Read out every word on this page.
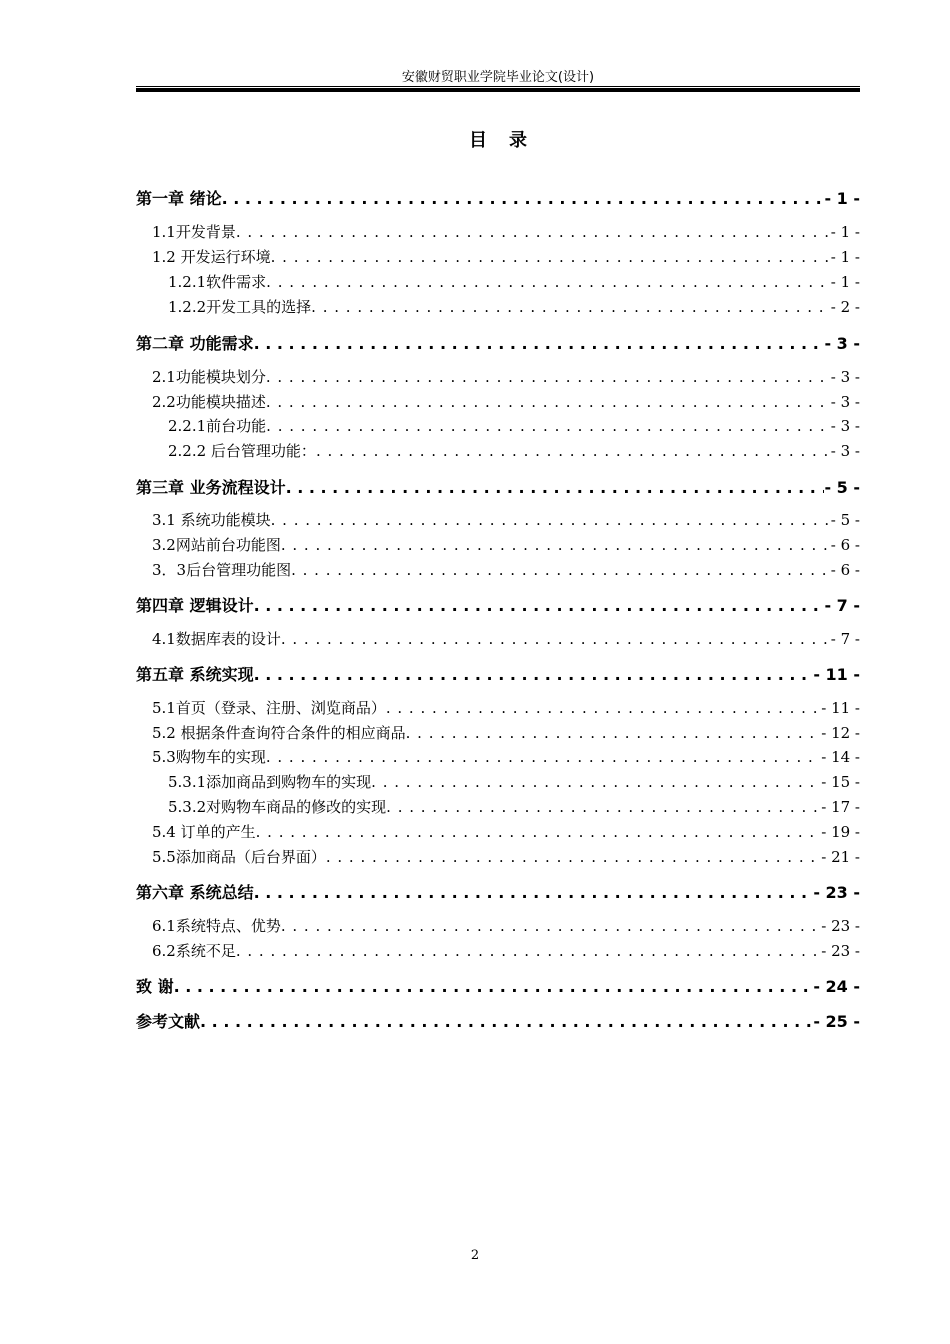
安徽财贸职业学院毕业论文(设计)
目录
第一章 绪论 . . .	- 1 -
1.1开发背景 . . .	- 1 -
1.2 开发运行环境 . . .	- 1 -
1.2.1软件需求 . . .	- 1 -
1.2.2开发工具的选择 . . .	- 2 -
第二章 功能需求 . . .	- 3 -
2.1功能模块划分 . . .	- 3 -
2.2功能模块描述 . . .	- 3 -
2.2.1前台功能 . . .	- 3 -
2.2.2 后台管理功能： . . .	- 3 -
第三章 业务流程设计 . . .	- 5 -
3.1 系统功能模块 . . .	- 5 -
3.2网站前台功能图 . . .	- 6 -
3．3后台管理功能图 . . .	- 6 -
第四章 逻辑设计 . . .	- 7 -
4.1数据库表的设计 . . .	- 7 -
第五章 系统实现 . . .	- 11 -
5.1首页（登录、注册、浏览商品） . . .	- 11 -
5.2 根据条件查询符合条件的相应商品 . . .	- 12 -
5.3购物车的实现 . . .	- 14 -
5.3.1添加商品到购物车的实现 . . .	- 15 -
5.3.2对购物车商品的修改的实现 . . .	- 17 -
5.4 订单的产生 . . .	- 19 -
5.5添加商品（后台界面） . . .	- 21 -
第六章 系统总结 . . .	- 23 -
6.1系统特点、优势 . . .	- 23 -
6.2系统不足 . . .	- 23 -
致 谢 . . .	- 24 -
参考文献 . . .	- 25 -
2
